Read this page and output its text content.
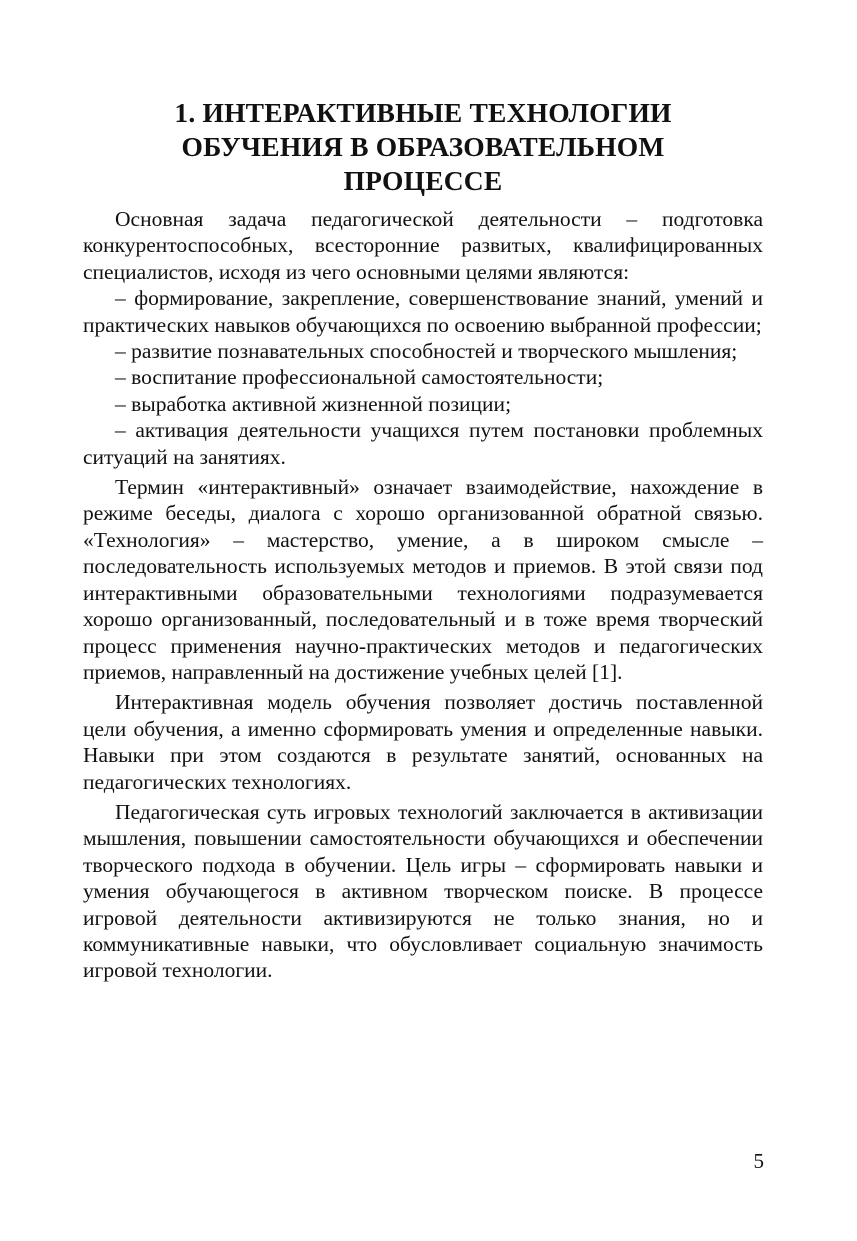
1. ИНТЕРАКТИВНЫЕ ТЕХНОЛОГИИ
ОБУЧЕНИЯ В ОБРАЗОВАТЕЛЬНОМ
ПРОЦЕССЕ

Основная задача педагогической деятельности – подготовка конкурентоспособных, всесторонние развитых, квалифицированных специалистов, исходя из чего основными целями являются:

– формирование, закрепление, совершенствование знаний, умений и практических навыков обучающихся по освоению выбранной профессии;

– развитие познавательных способностей и творческого мышления;

– воспитание профессиональной самостоятельности;

– выработка активной жизненной позиции;

– активация деятельности учащихся путем постановки проблемных ситуаций на занятиях.

Термин «интерактивный» означает взаимодействие, нахождение в режиме беседы, диалога с хорошо организованной обратной связью. «Технология» – мастерство, умение, а в широком смысле – последовательность используемых методов и приемов. В этой связи под интерактивными образовательными технологиями подразумевается хорошо организованный, последовательный и в тоже время творческий процесс применения научно-практических методов и педагогических приемов, направленный на достижение учебных целей [1].

Интерактивная модель обучения позволяет достичь поставленной цели обучения, а именно сформировать умения и определенные навыки. Навыки при этом создаются в результате занятий, основанных на педагогических технологиях.

Педагогическая суть игровых технологий заключается в активизации мышления, повышении самостоятельности обучающихся и обеспечении творческого подхода в обучении. Цель игры – сформировать навыки и умения обучающегося в активном творческом поиске. В процессе игровой деятельности активизируются не только знания, но и коммуникативные навыки, что обусловливает социальную значимость игровой технологии.

5
